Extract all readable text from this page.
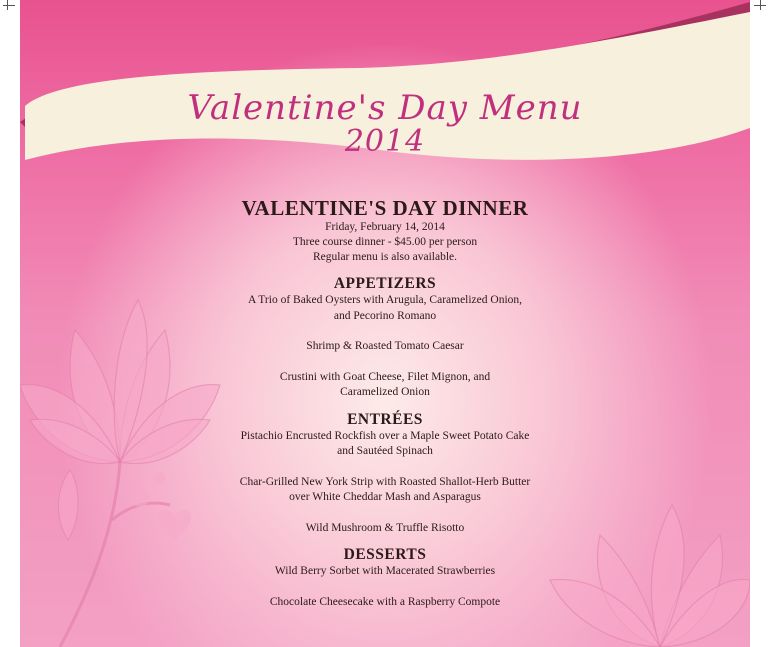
Valentine's Day Menu
2014
VALENTINE'S DAY DINNER
Friday, February 14, 2014
Three course dinner - $45.00 per person
Regular menu is also available.
APPETIZERS
A Trio of Baked Oysters with Arugula, Caramelized Onion,
and Pecorino Romano
Shrimp & Roasted Tomato Caesar
Crustini with Goat Cheese, Filet Mignon, and
Caramelized Onion
ENTRÉES
Pistachio Encrusted Rockfish over a Maple Sweet Potato Cake
and Sautéed Spinach
Char-Grilled New York Strip with Roasted Shallot-Herb Butter
over White Cheddar Mash and Asparagus
Wild Mushroom & Truffle Risotto
DESSERTS
Wild Berry Sorbet with Macerated Strawberries
Chocolate Cheesecake with a Raspberry Compote
